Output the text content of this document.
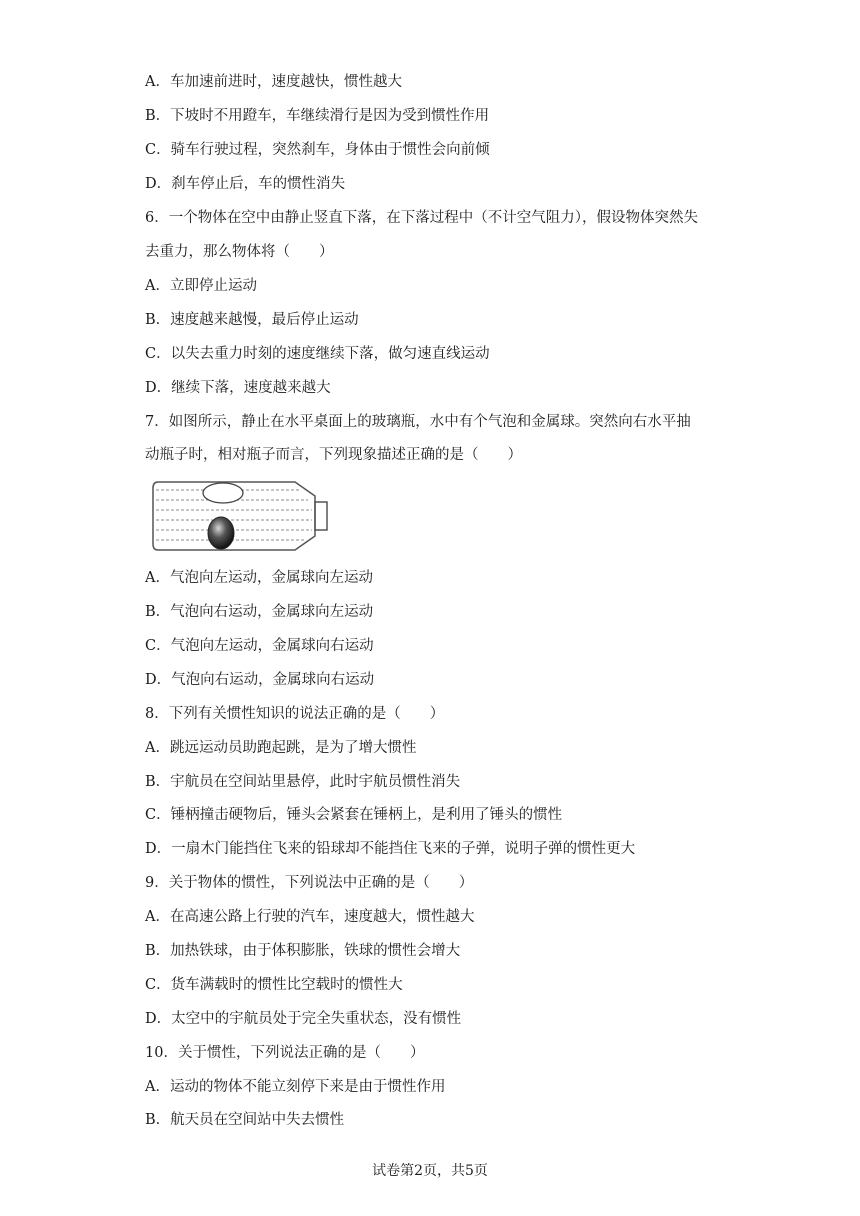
A．车加速前进时，速度越快，惯性越大
B．下坡时不用蹬车，车继续滑行是因为受到惯性作用
C．骑车行驶过程，突然刹车，身体由于惯性会向前倾
D．刹车停止后，车的惯性消失
6．一个物体在空中由静止竖直下落，在下落过程中（不计空气阻力），假设物体突然失
去重力，那么物体将（　　）
A．立即停止运动
B．速度越来越慢，最后停止运动
C．以失去重力时刻的速度继续下落，做匀速直线运动
D．继续下落，速度越来越大
7．如图所示，静止在水平桌面上的玻璃瓶，水中有个气泡和金属球。突然向右水平抽
动瓶子时，相对瓶子而言，下列现象描述正确的是（　　）
A．气泡向左运动，金属球向左运动
B．气泡向右运动，金属球向左运动
C．气泡向左运动，金属球向右运动
D．气泡向右运动，金属球向右运动
8．下列有关惯性知识的说法正确的是（　　）
A．跳远运动员助跑起跳，是为了增大惯性
B．宇航员在空间站里悬停，此时宇航员惯性消失
C．锤柄撞击硬物后，锤头会紧套在锤柄上，是利用了锤头的惯性
D．一扇木门能挡住飞来的铅球却不能挡住飞来的子弹，说明子弹的惯性更大
9．关于物体的惯性，下列说法中正确的是（　　）
A．在高速公路上行驶的汽车，速度越大，惯性越大
B．加热铁球，由于体积膨胀，铁球的惯性会增大
C．货车满载时的惯性比空载时的惯性大
D．太空中的宇航员处于完全失重状态，没有惯性
10．关于惯性，下列说法正确的是（　　）
A．运动的物体不能立刻停下来是由于惯性作用
B．航天员在空间站中失去惯性
试卷第2页，共5页
